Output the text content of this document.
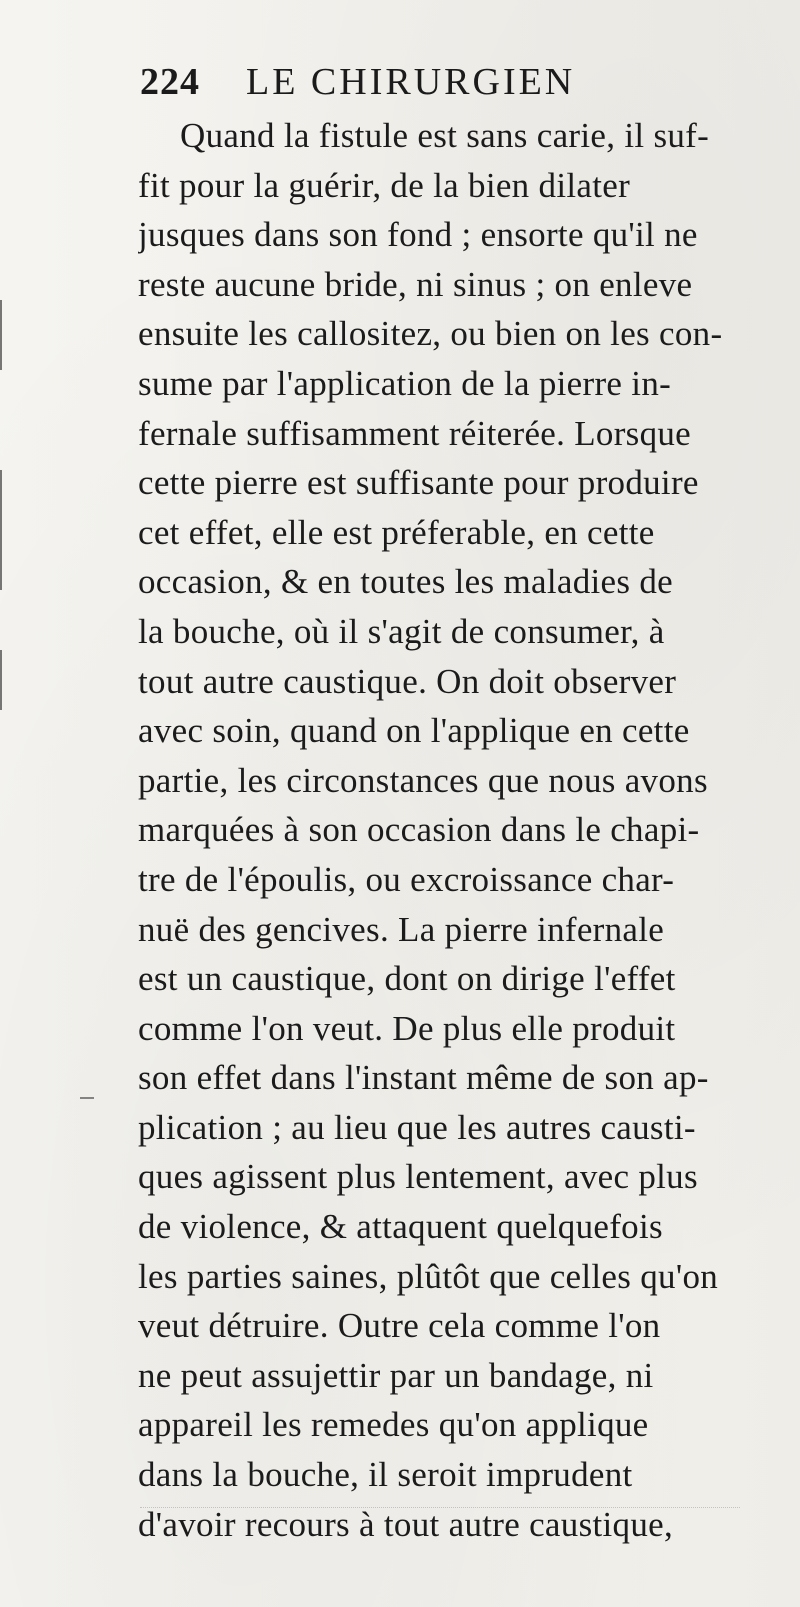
224 LE CHIRURGIEN
Quand la fistule est sans carie, il suf-
fit pour la guérir, de la bien dilater
jusques dans son fond ; ensorte qu'il ne
reste aucune bride, ni sinus ; on enleve
ensuite les callositez, ou bien on les con-
sume par l'application de la pierre in-
fernale suffisamment réiterée. Lorsque
cette pierre est suffisante pour produire
cet effet, elle est préferable, en cette
occasion, & en toutes les maladies de
la bouche, où il s'agit de consumer, à
tout autre caustique. On doit observer
avec soin, quand on l'applique en cette
partie, les circonstances que nous avons
marquées à son occasion dans le chapi-
tre de l'époulis, ou excroissance char-
nuë des gencives. La pierre infernale
est un caustique, dont on dirige l'effet
comme l'on veut. De plus elle produit
son effet dans l'instant même de son ap-
plication ; au lieu que les autres causti-
ques agissent plus lentement, avec plus
de violence, & attaquent quelquefois
les parties saines, plûtôt que celles qu'on
veut détruire. Outre cela comme l'on
ne peut assujettir par un bandage, ni
appareil les remedes qu'on applique
dans la bouche, il seroit imprudent
d'avoir recours à tout autre caustique,
